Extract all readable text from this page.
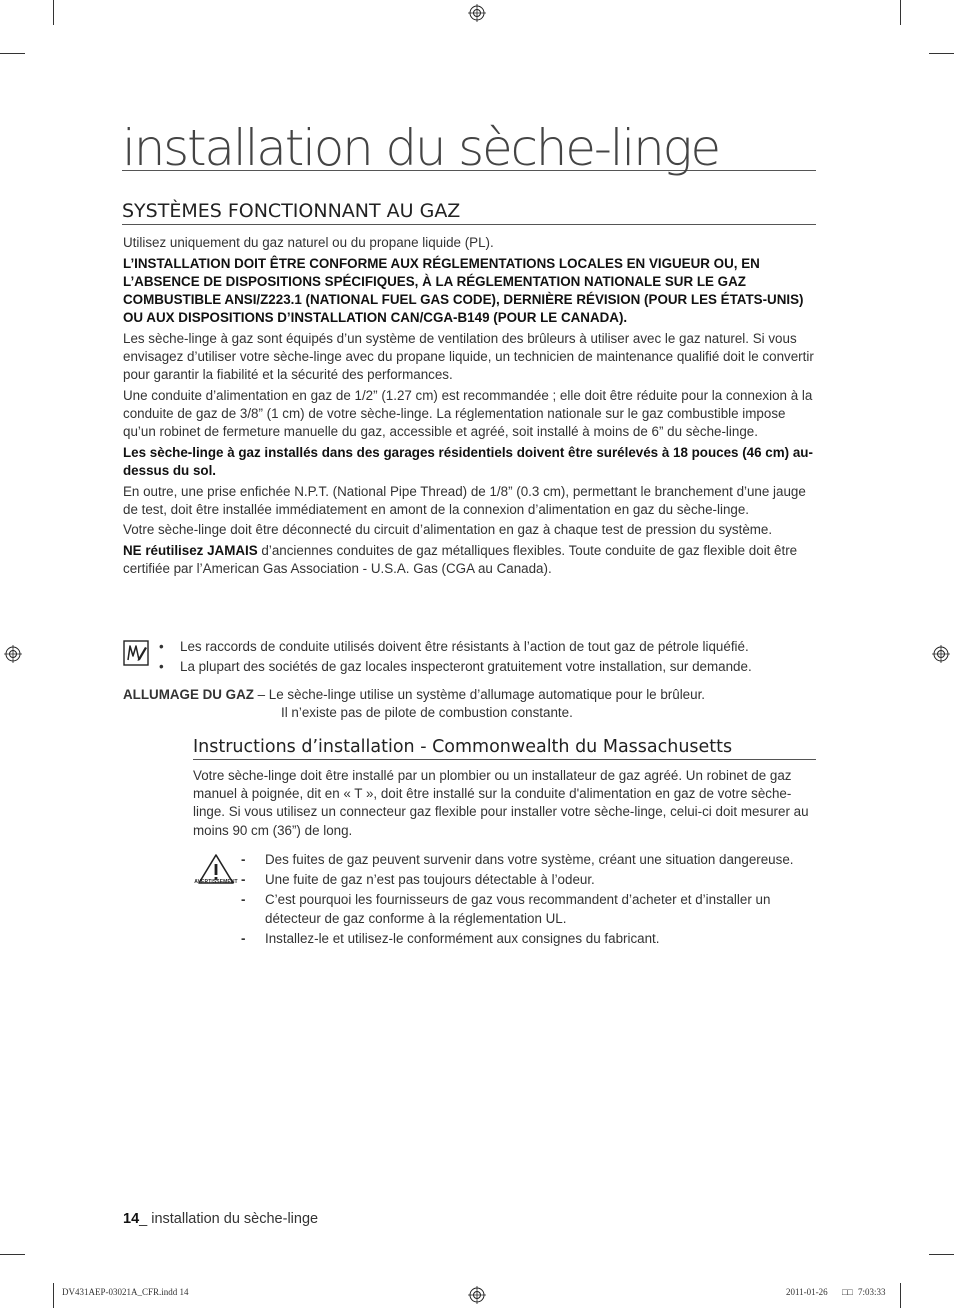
installation du sèche-linge
SYSTÈMES FONCTIONNANT AU GAZ

Utilisez uniquement du gaz naturel ou du propane liquide (PL).

L’INSTALLATION DOIT ÊTRE CONFORME AUX RÉGLEMENTATIONS LOCALES EN VIGUEUR OU, EN L’ABSENCE DE DISPOSITIONS SPÉCIFIQUES, À LA RÉGLEMENTATION NATIONALE SUR LE GAZ COMBUSTIBLE ANSI/Z223.1 (NATIONAL FUEL GAS CODE), DERNIÈRE RÉVISION (POUR LES ÉTATS-UNIS) OU AUX DISPOSITIONS D’INSTALLATION CAN/CGA-B149 (POUR LE CANADA).

Les sèche-linge à gaz sont équipés d’un système de ventilation des brûleurs à utiliser avec le gaz naturel. Si vous envisagez d’utiliser votre sèche-linge avec du propane liquide, un technicien de maintenance qualifié doit le convertir pour garantir la fiabilité et la sécurité des performances.

Une conduite d’alimentation en gaz de 1/2” (1.27 cm) est recommandée ; elle doit être réduite pour la connexion à la conduite de gaz de 3/8” (1 cm) de votre sèche-linge. La réglementation nationale sur le gaz combustible impose qu’un robinet de fermeture manuelle du gaz, accessible et agréé, soit installé à moins de 6” du sèche-linge.

Les sèche-linge à gaz installés dans des garages résidentiels doivent être surélevés à 18 pouces (46 cm) au-dessus du sol.

En outre, une prise enfichée N.P.T. (National Pipe Thread) de 1/8” (0.3 cm), permettant le branchement d’une jauge de test, doit être installée immédiatement en amont de la connexion d’alimentation en gaz du sèche-linge.

Votre sèche-linge doit être déconnecté du circuit d’alimentation en gaz à chaque test de pression du système.

NE réutilisez JAMAIS d’anciennes conduites de gaz métalliques flexibles. Toute conduite de gaz flexible doit être certifiée par l’American Gas Association - U.S.A. Gas (CGA au Canada).

• Les raccords de conduite utilisés doivent être résistants à l’action de tout gaz de pétrole liquéfié.
• La plupart des sociétés de gaz locales inspecteront gratuitement votre installation, sur demande.
ALLUMAGE DU GAZ – Le sèche-linge utilise un système d’allumage automatique pour le brûleur.
Il n’existe pas de pilote de combustion constante.
Instructions d’installation - Commonwealth du Massachusetts

Votre sèche-linge doit être installé par un plombier ou un installateur de gaz agréé. Un robinet de gaz manuel à poignée, dit en « T », doit être installé sur la conduite d'alimentation en gaz de votre sèche-linge. Si vous utilisez un connecteur gaz flexible pour installer votre sèche-linge, celui-ci doit mesurer au moins 90 cm (36”) de long.

AVERTISSEMENT
- Des fuites de gaz peuvent survenir dans votre système, créant une situation dangereuse.
- Une fuite de gaz n’est pas toujours détectable à l’odeur.
- C’est pourquoi les fournisseurs de gaz vous recommandent d’acheter et d’installer un détecteur de gaz conforme à la réglementation UL.
- Installez-le et utilisez-le conformément aux consignes du fabricant.
14_ installation du sèche-linge
DV431AEP-03021A_CFR.indd 14	2011-01-26 □□ 7:03:33
